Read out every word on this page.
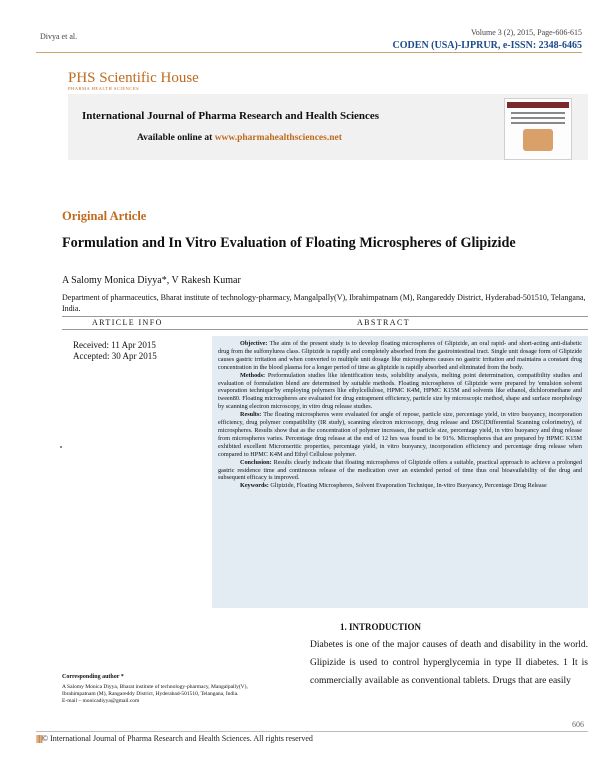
Divya et al.	Volume 3 (2), 2015, Page-606-615
CODEN (USA)-IJPRUR, e-ISSN: 2348-6465
PHS Scientific House
PHARMA HEALTH SCIENCES
International Journal of Pharma Research and Health Sciences
Available online at www.pharmahealthsciences.net
Original Article
Formulation and In Vitro Evaluation of Floating Microspheres of Glipizide
A Salomy Monica Diyya*, V Rakesh Kumar
Department of pharmaceutics, Bharat institute of technology-pharmacy, Mangalpally(V), Ibrahimpatnam (M), Rangareddy District, Hyderabad-501510, Telangana, India.
ARTICLE INFO	ABSTRACT
Received: 11 Apr 2015
Accepted: 30 Apr 2015

Objective: The aim of the present study is to develop floating microspheres of Glipizide, an oral rapid- and short-acting anti-diabetic drug from the sulfonylurea class. Glipizide is rapidly and completely absorbed from the gastrointestinal tract. Single unit dosage form of Glipizide causes gastric irritation and when converted to multiple unit dosage like microspheres causes no gastric irritation and maintains a constant drug concentration in the blood plasma for a longer period of time as glipizide is rapidly absorbed and eliminated from the body.

Methods: Preformulation studies like identification tests, solubility analysis, melting point determination, compatibility studies and evaluation of formulation blend are determined by suitable methods. Floating microspheres of Glipizide were prepared by 'emulsion solvent evaporation technique'by employing polymers like ethylcellulose, HPMC K4M, HPMC K15M and solvents like ethanol, dichloromethane and tween80. Floating microspheres are evaluated for drug entrapment efficiency, particle size by microscopic method, shape and surface morphology by scanning electron microscopy, in vitro drug release studies.

Results: The floating microspheres were evaluated for angle of repose, particle size, percentage yield, in vitro buoyancy, incorporation efficiency, drug polymer compatibility (IR study), scanning electron microscopy, drug release and DSC(Differential Scanning colorimetry), of microspheres. Results show that as the concentration of polymer increases, the particle size, percentage yield, in vitro buoyancy and drug release from microspheres varies. Percentage drug release at the end of 12 hrs was found to be 91%. Microspheres that are prepared by HPMC K15M exhibited excellent Micromeritic properties, percentage yield, in vitro buoyancy, incorporation efficiency and percentage drug release when compared to HPMC K4M and Ethyl Cellulose polymer.

Conclusion: Results clearly indicate that floating microspheres of Glipizide offers a suitable, practical approach to achieve a prolonged gastric residence time and continuous release of the medication over an extended period of time thus oral bioavailability of the drug and subsequent efficacy is improved.

Keywords: Glipizide, Floating Microspheres, Solvent Evaporation Technique, In-vitro Buoyancy, Percentage Drug Release

1. INTRODUCTION
Diabetes is one of the major causes of death and disability in the world. Glipizide is used to control hyperglycemia in type II diabetes. 1 It is commercially available as conventional tablets. Drugs that are easily
Corresponding author *
A Salomy Monica Diyya, Bharat institute of technology-pharmacy, Mangalpally(V), Ibrahimpatnam (M), Rangareddy District, Hyderabad-501510, Telangana, India.
E-mail – monicadiyya@gmail.com
606
||||||||||© International Journal of Pharma Research and Health Sciences. All rights reserved
